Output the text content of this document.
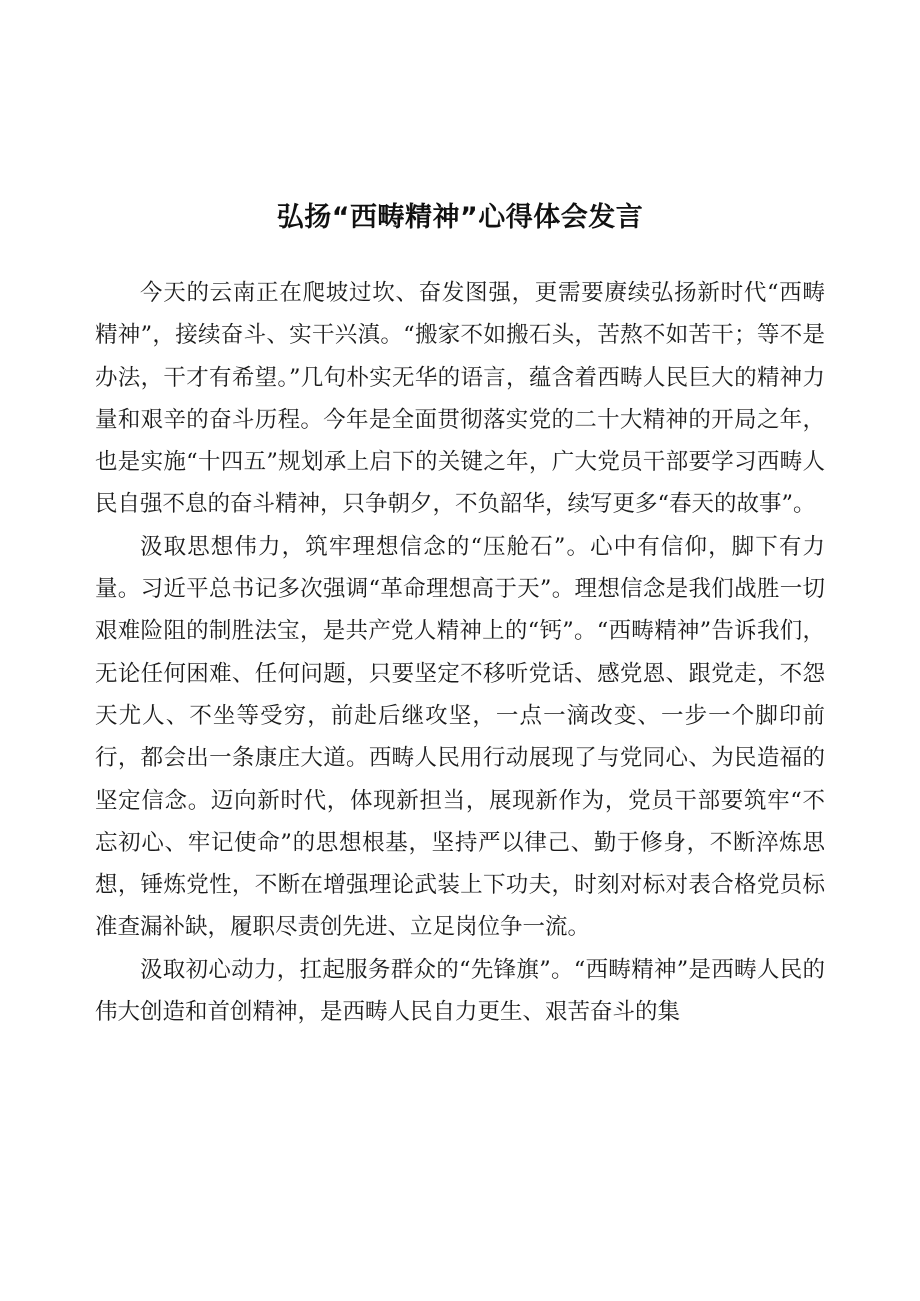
弘扬“西畴精神”心得体会发言

今天的云南正在爬坡过坎、奋发图强，更需要赓续弘扬新时代“西畴精神”，接续奋斗、实干兴滇。“搬家不如搬石头，苦熬不如苦干；等不是办法，干才有希望。”几句朴实无华的语言，蕴含着西畴人民巨大的精神力量和艰辛的奋斗历程。今年是全面贯彻落实党的二十大精神的开局之年，也是实施“十四五”规划承上启下的关键之年，广大党员干部要学习西畴人民自强不息的奋斗精神，只争朝夕，不负韶华，续写更多“春天的故事”。

汲取思想伟力，筑牢理想信念的“压舱石”。心中有信仰，脚下有力量。习近平总书记多次强调“革命理想高于天”。理想信念是我们战胜一切艰难险阻的制胜法宝，是共产党人精神上的“钙”。“西畴精神”告诉我们，无论任何困难、任何问题，只要坚定不移听党话、感党恩、跟党走，不怨天尤人、不坐等受穷，前赴后继攻坚，一点一滴改变、一步一个脚印前行，都会出一条康庄大道。西畴人民用行动展现了与党同心、为民造福的坚定信念。迈向新时代，体现新担当，展现新作为，党员干部要筑牢“不忘初心、牢记使命”的思想根基，坚持严以律己、勤于修身，不断淬炼思想，锤炼党性，不断在增强理论武装上下功夫，时刻对标对表合格党员标准查漏补缺，履职尽责创先进、立足岗位争一流。

汲取初心动力，扛起服务群众的“先锋旗”。“西畴精神”是西畴人民的伟大创造和首创精神，是西畴人民自力更生、艰苦奋斗的集
